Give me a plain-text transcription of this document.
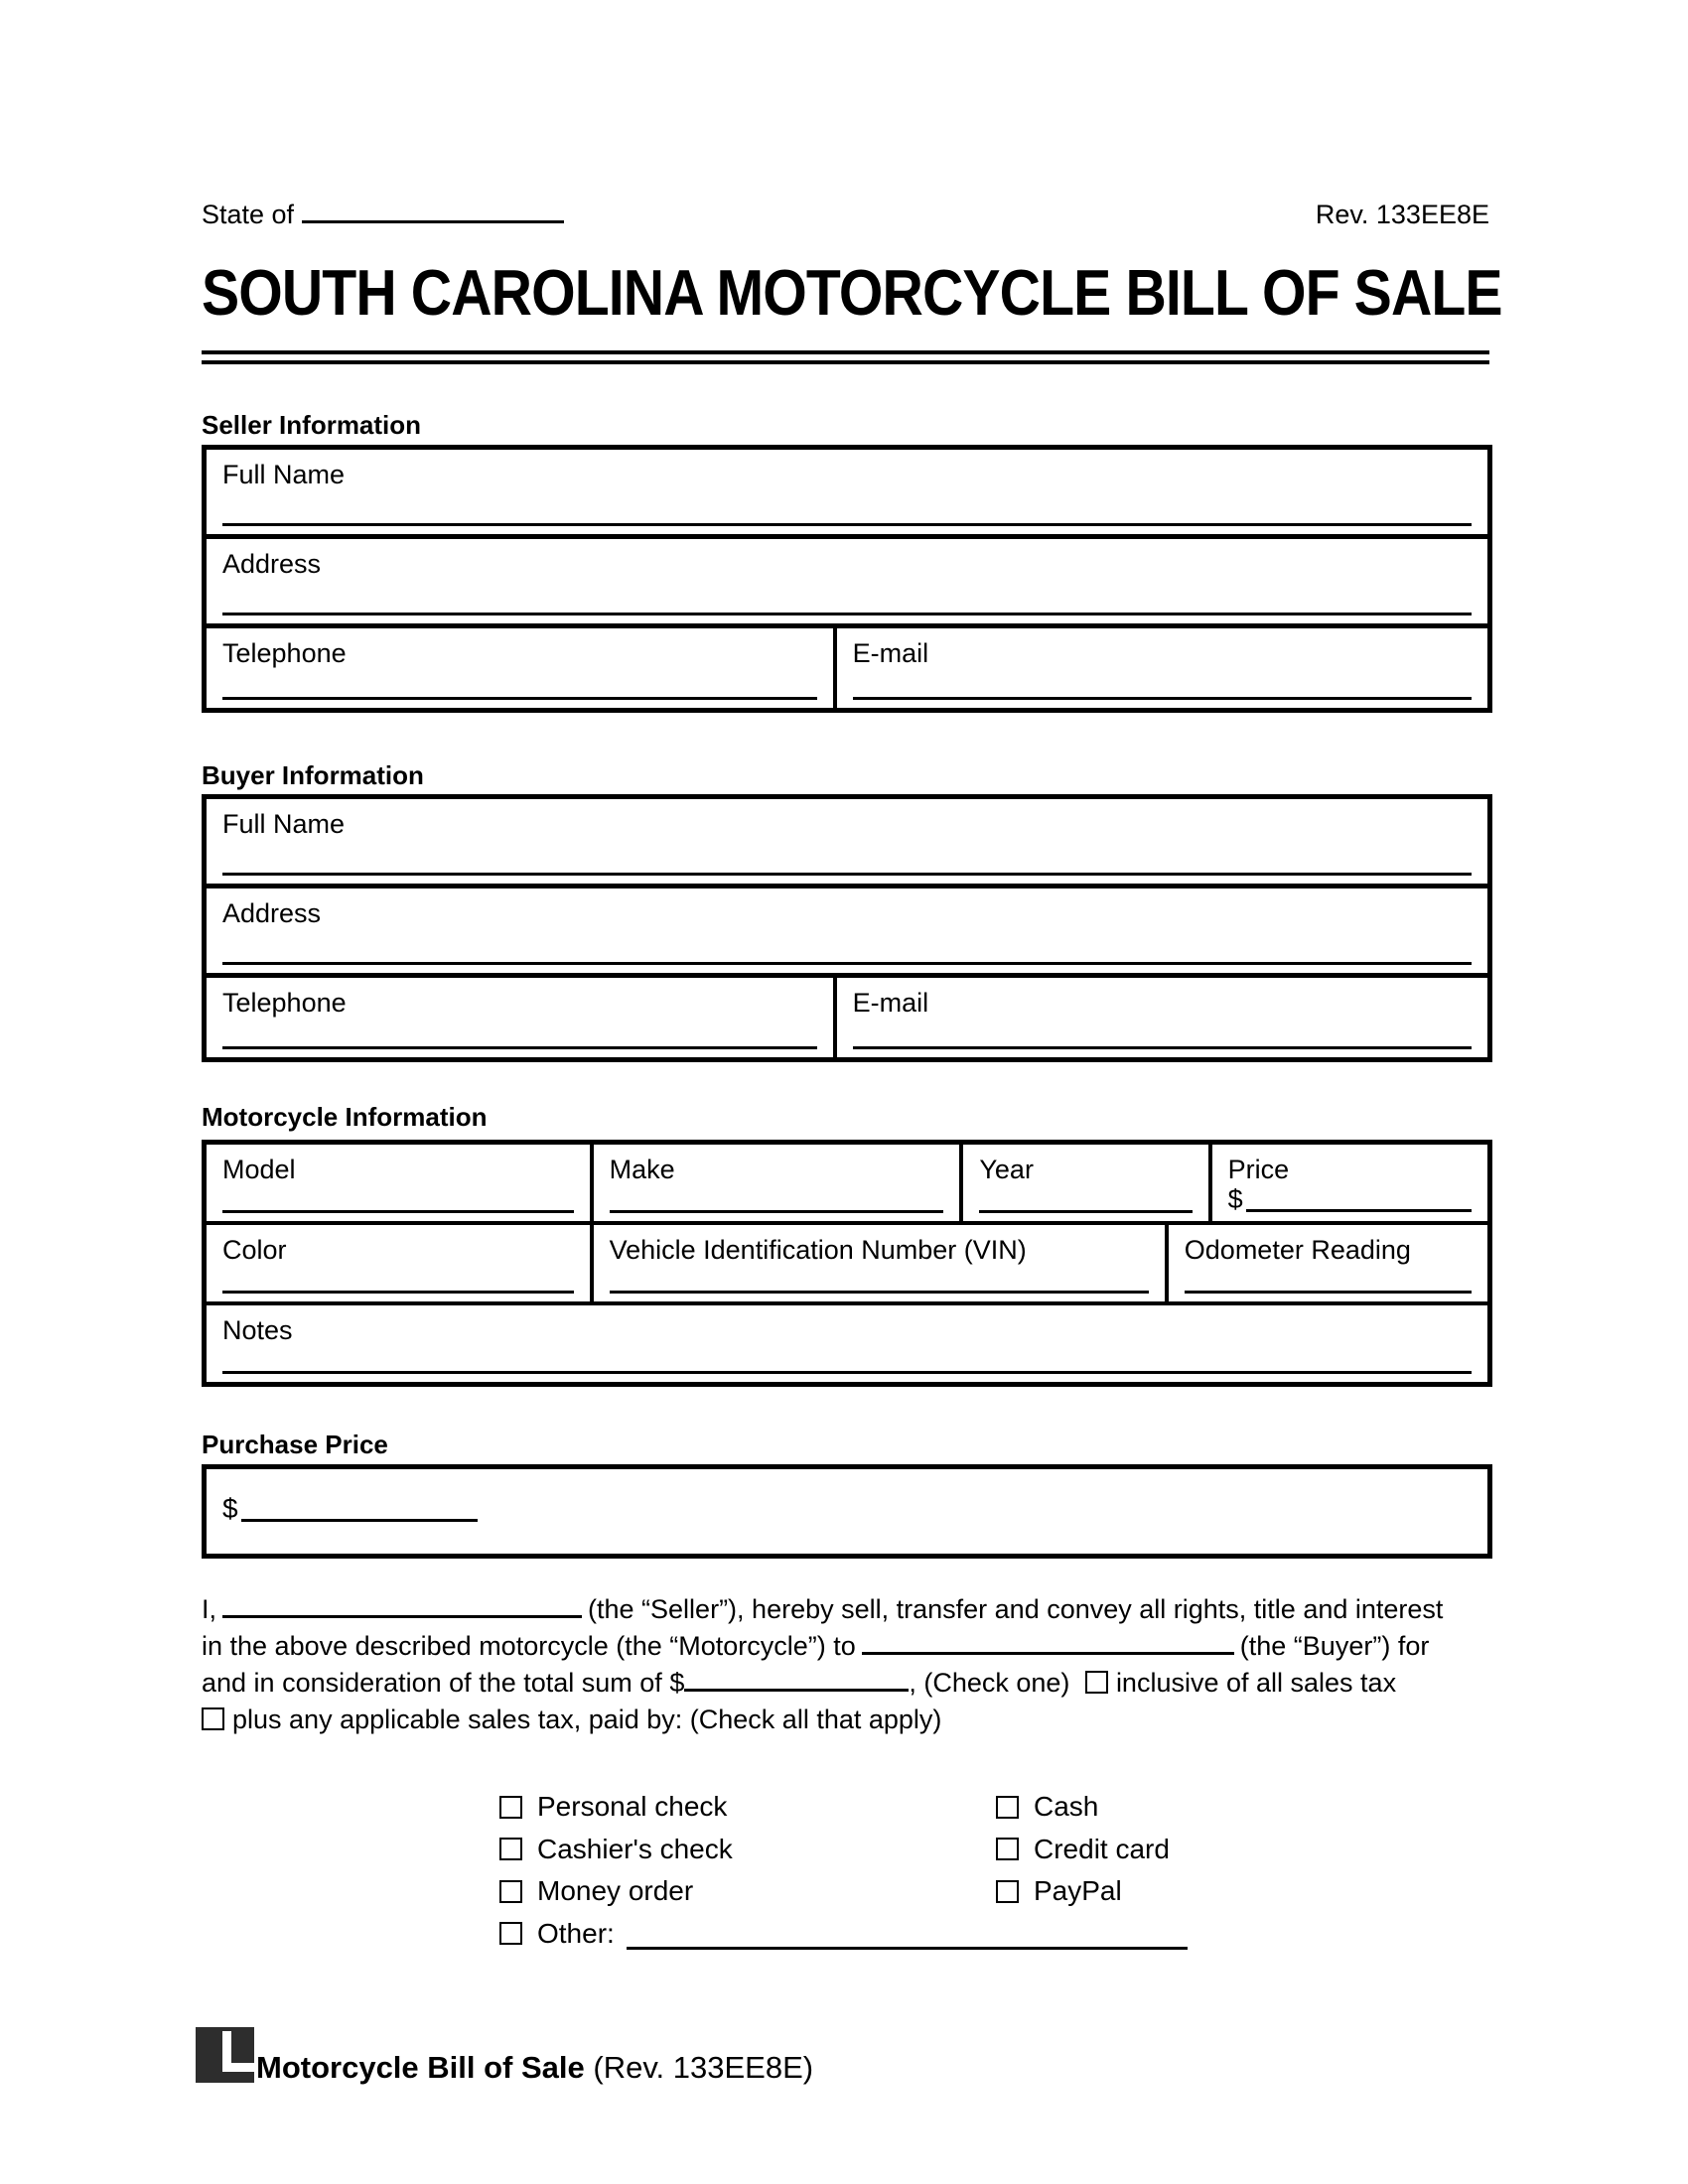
State of	Rev. 133EE8E
SOUTH CAROLINA MOTORCYCLE BILL OF SALE
Seller Information
Full Name
Address
Telephone	E-mail
Buyer Information
Full Name
Address
Telephone	E-mail
Motorcycle Information
Model	Make	Year	Price
$
Color	Vehicle Identification Number (VIN)	Odometer Reading
Notes
Purchase Price
$
I,	(the “Seller”), hereby sell, transfer and convey all rights, title and interest
in the above described motorcycle (the “Motorcycle”) to	(the “Buyer”) for
and in consideration of the total sum of $	, (Check one) inclusive of all sales tax
plus any applicable sales tax, paid by: (Check all that apply)
Personal check
Cashier's check
Money order
Other:
Cash
Credit card
PayPal
Motorcycle Bill of Sale (Rev. 133EE8E)
